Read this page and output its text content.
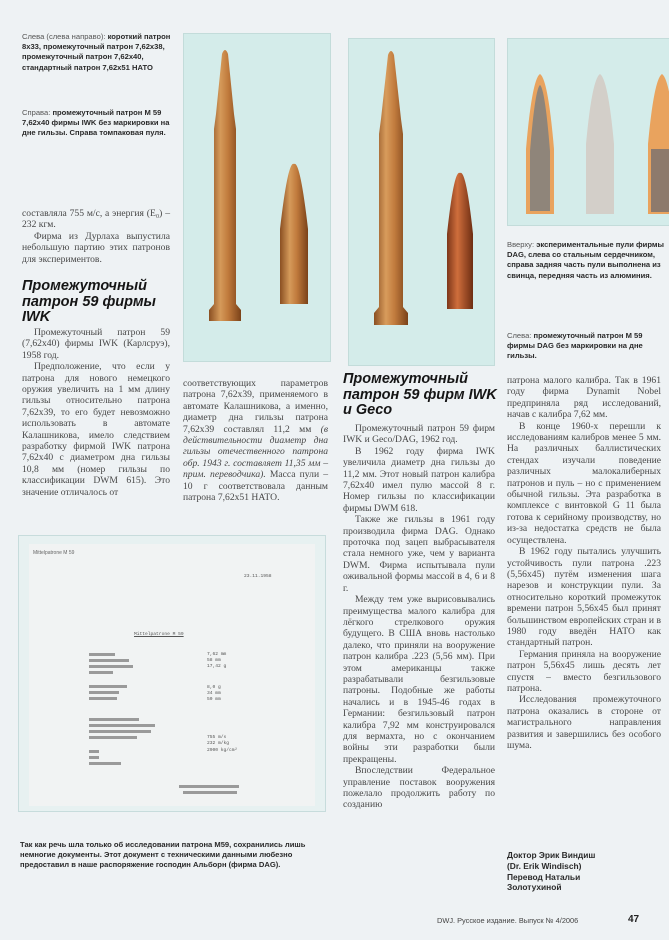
Слева (слева направо): короткий патрон 8x33, промежуточный патрон 7,62x38, промежуточный патрон 7,62x40, стандартный патрон 7,62x51 НАТО
Справа: промежуточный патрон М 59 7,62x40 фирмы IWK без маркировки на дне гильзы. Справа томпаковая пуля.

составляла 755 м/с, а энергия (E₀) – 232 кгм.

Фирма из Дурлаха выпустила небольшую партию этих патронов для экспериментов.

Промежуточный патрон 59 фирмы IWK

Промежуточный патрон 59 (7,62x40) фирмы IWK (Карлсруэ), 1958 год.

Предположение, что если у патрона для нового немецкого оружия увеличить на 1 мм длину гильзы относительно патрона 7,62x39, то его будет невозможно использовать в автомате Калашникова, имело следствием разработку фирмой IWK патрона 7,62x40 с диаметром дна гильзы 10,8 мм (номер гильзы по классификации DWM 615). Это значение отличалось от

соответствующих параметров патрона 7,62x39, применяемого в автомате Калашникова, а именно, диаметр дна гильзы патрона 7,62x39 составлял 11,2 мм (в действительности диаметр дна гильзы отечественного патрона обр. 1943 г. составляет 11,35 мм – прим. переводчика). Масса пули – 10 г соответствовала данным патрона 7,62x51 НАТО.

Промежуточный патрон 59 фирм IWK и Geco

Промежуточный патрон 59 фирм IWK и Geco/DAG, 1962 год.

В 1962 году фирма IWK увеличила диаметр дна гильзы до 11,2 мм. Этот новый патрон калибра 7,62x40 имел пулю массой 8 г. Номер гильзы по классификации фирмы DWM 618.

Также же гильзы в 1961 году производила фирма DAG. Однако проточка под зацеп выбрасывателя стала немного уже, чем у варианта DWM. Фирма испытывала пули оживальной формы массой в 4, 6 и 8 г.

Между тем уже вырисовывались преимущества малого калибра для лёгкого стрелкового оружия будущего. В США вновь настолько далеко, что приняли на вооружение патрон калибра .223 (5,56 мм). При этом американцы также разрабатывали безгильзовые патроны. Подобные же работы начались и в 1945-46 годах в Германии: безгильзовый патрон калибра 7,92 мм конструировался для вермахта, но с окончанием войны эти разработки были прекращены.

Впоследствии Федеральное управление поставок вооружения пожелало продолжить работу по созданию

Вверху: экспериментальные пули фирмы DAG, слева со стальным сердечником, справа задняя часть пули выполнена из свинца, передняя часть из алюминия.
Слева: промежуточный патрон М 59 фирмы DAG без маркировки на дне гильзы.

патрона малого калибра. Так в 1961 году фирма Dynamit Nobel предприняла ряд исследований, начав с калибра 7,62 мм.

В конце 1960-х перешли к исследованиям калибров менее 5 мм. На различных баллистических стендах изучали поведение различных малокалиберных патронов и пуль – но с применением обычной гильзы. Эта разработка в комплексе с винтовкой G 11 была готова к серийному производству, но из-за недостатка средств не была осуществлена.

В 1962 году пытались улучшить устойчивость пули патрона .223 (5,56x45) путём изменения шага нарезов и конструкции пули. За относительно короткий промежуток времени патрон 5,56x45 был принят большинством европейских стран и в 1980 году введён НАТО как стандартный патрон.

Германия приняла на вооружение патрон 5,56x45 лишь десять лет спустя – вместо безгильзового патрона.

Исследования промежуточного патрона оказались в стороне от магистрального направления развития и завершились без особого шума.

Доктор Эрик Виндиш
(Dr. Erik Windisch)
Перевод Натальи
Золотухиной
Mittelpatrone M 59
23.11.1958
Mittelpatrone M 59
7,62 mm
58 mm
17,42 g
8,0 g
34 mm
50 mm
755 m/s
232 m/kg
2900 kg/cm²
Так как речь шла только об исследовании патрона М59, сохранились лишь немногие документы. Этот документ с техническими данными любезно предоставил в наше распоряжение господин Альборн (фирма DAG).
DWJ. Русское издание. Выпуск № 4/2006	47
